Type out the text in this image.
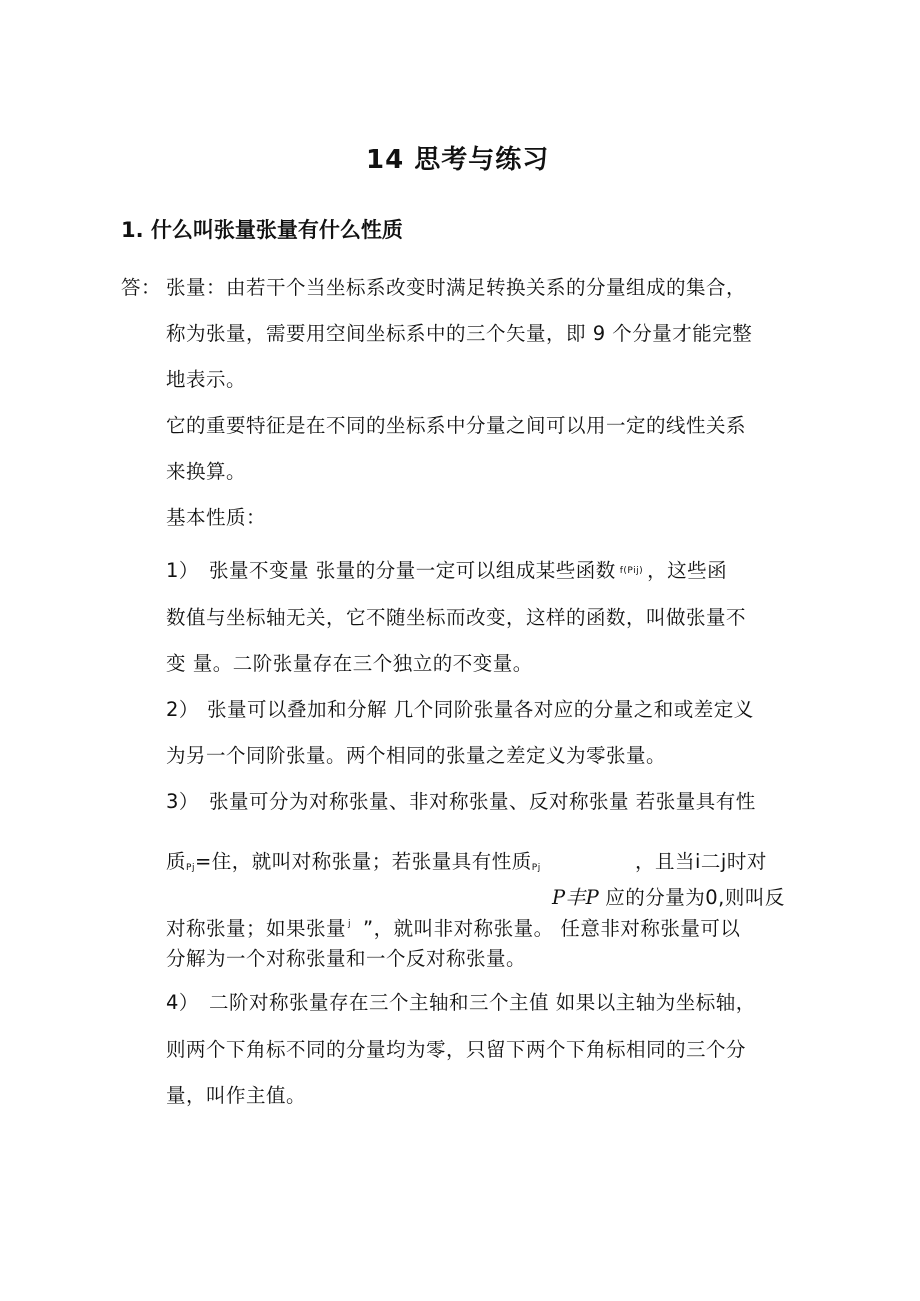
14 思考与练习
1. 什么叫张量张量有什么性质
答： 张量：由若干个当坐标系改变时满足转换关系的分量组成的集合，
称为张量，需要用空间坐标系中的三个矢量，即 9 个分量才能完整
地表示。
它的重要特征是在不同的坐标系中分量之间可以用一定的线性关系
来换算。
基本性质：
1） 张量不变量 张量的分量一定可以组成某些函数 $^{f(Pij)}$ ，这些函
数值与坐标轴无关，它不随坐标而改变，这样的函数，叫做张量不
变 量。二阶张量存在三个独立的不变量。
2） 张量可以叠加和分解 几个同阶张量各对应的分量之和或差定义
为另一个同阶张量。两个相同的张量之差定义为零张量。
3） 张量可分为对称张量、非对称张量、反对称张量 若张量具有性
质Pj=住，就叫对称张量；若张量具有性质Pj	，且当i二j时对
P丰P 应的分量为0,则叫反
对称张量；如果张量 $^j$ ”，就叫非对称张量。 任意非对称张量可以
分解为一个对称张量和一个反对称张量。
4） 二阶对称张量存在三个主轴和三个主值 如果以主轴为坐标轴，
则两个下角标不同的分量均为零，只留下两个下角标相同的三个分
量，叫作主值。
